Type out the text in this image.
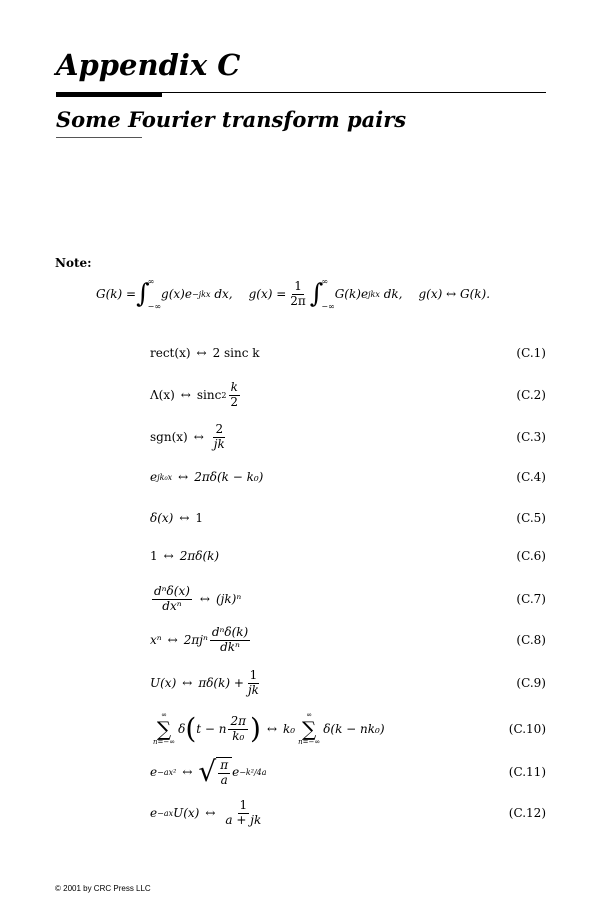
Appendix C
Some Fourier transform pairs
Note:
G(k) = ∫
∞
−∞
g(x)e −jkx
dx, $g(x) = \frac{1}{2\pi}$ ∫
∞
−∞
G(k)e jkx
dk, g(x) ↔ G(k).
rect(x) ↔ 2 sinc k	(C.1)
Λ(x) ↔ sinc $2 \frac{k}{2}$	(C.2)
sgn(x) ↔ $\frac{2}{jk}$	(C.3)
e jk₀x ↔ 2πδ(k − k₀)	(C.4)
δ(x) ↔ 1	(C.5)
1 ↔ 2πδ(k)	(C.6)
$\frac{\text{dⁿδ(x)}}{\text{dxⁿ}}$ ↔ (jk)ⁿ	(C.7)
xⁿ ↔ $2\pi j^n \frac{\text{dⁿδ(k)}}{\text{dkⁿ}}$	(C.8)
U(x) ↔ $\pi\delta(k) + \frac{1}{jk}$	(C.9)
∞
∑
n=−∞
δ ( t − n $\frac{2\pi}{\text{k₀}}$ ) ↔ k₀
∞
∑
n=−∞
δ(k − nk₀)	(C.10)
e −ax² ↔ √ $\frac{\pi}{a}$ e −k²/4a	(C.11)
e −ax U(x) ↔ $\frac{1}{a + jk}$	(C.12)
© 2001 by CRC Press LLC
